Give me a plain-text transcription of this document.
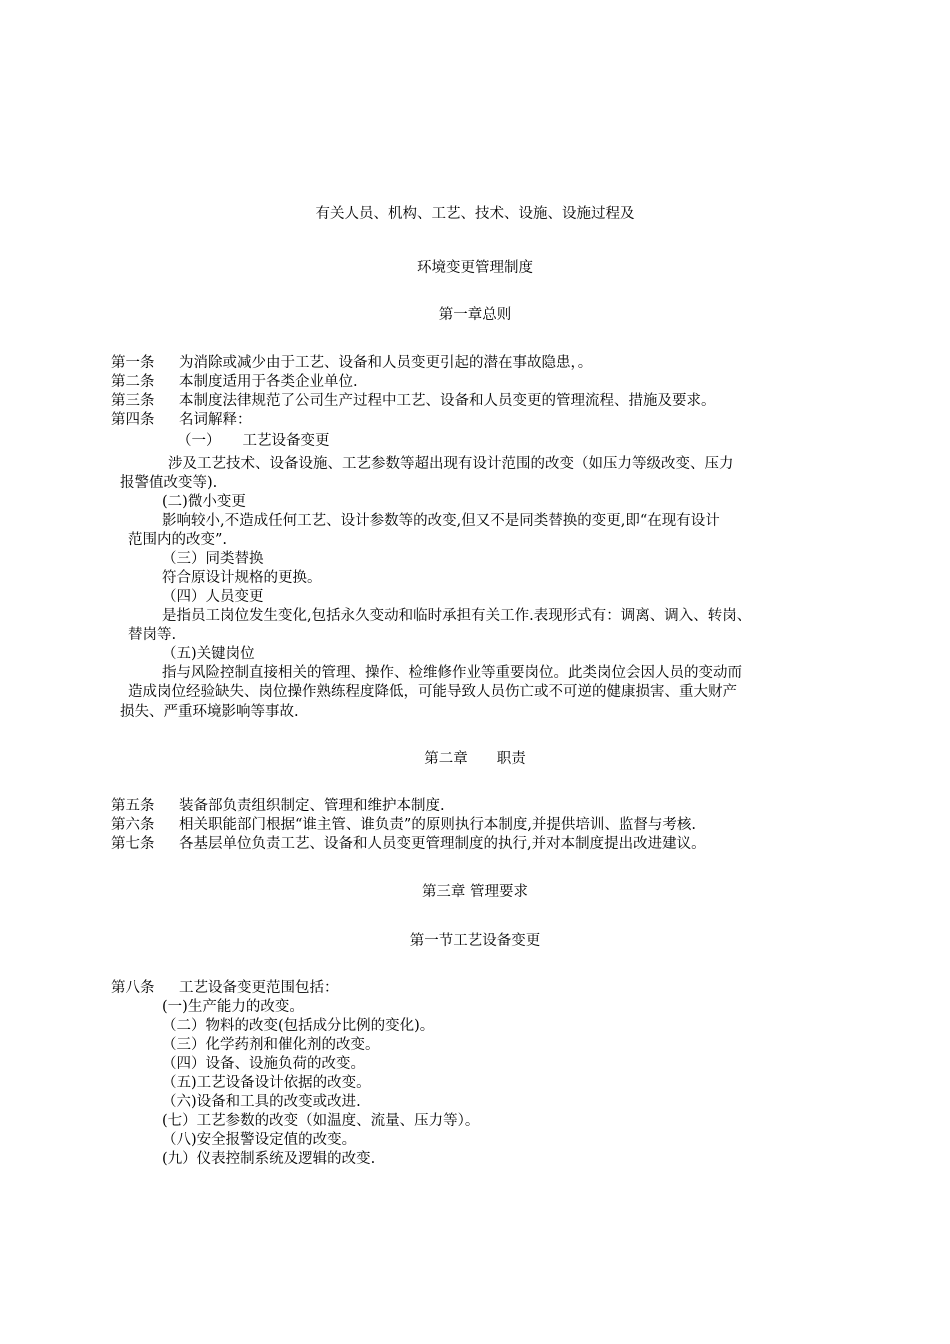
有关人员、机构、工艺、技术、设施、设施过程及
环境变更管理制度
第一章总则
第一条 为消除或减少由于工艺、设备和人员变更引起的潜在事故隐患，。
第二条 本制度适用于各类企业单位.
第三条 本制度法律规范了公司生产过程中工艺、设备和人员变更的管理流程、措施及要求。
第四条 名词解释：
（一） 工艺设备变更
涉及工艺技术、设备设施、工艺参数等超出现有设计范围的改变（如压力等级改变、压力
报警值改变等).
(二)微小变更
影响较小,不造成任何工艺、设计参数等的改变,但又不是同类替换的变更,即“在现有设计
范围内的改变”.
（三）同类替换
符合原设计规格的更换。
（四）人员变更
是指员工岗位发生变化,包括永久变动和临时承担有关工作.表现形式有：调离、调入、转岗、
替岗等.
（五)关键岗位
指与风险控制直接相关的管理、操作、检维修作业等重要岗位。此类岗位会因人员的变动而
造成岗位经验缺失、岗位操作熟练程度降低，可能导致人员伤亡或不可逆的健康损害、重大财产
损失、严重环境影响等事故.
第二章　　职责
第五条 装备部负责组织制定、管理和维护本制度.
第六条 相关职能部门根据“谁主管、谁负责”的原则执行本制度,并提供培训、监督与考核.
第七条 各基层单位负责工艺、设备和人员变更管理制度的执行,并对本制度提出改进建议。
第三章 管理要求
第一节工艺设备变更
第八条 工艺设备变更范围包括：
(一)生产能力的改变。
（二）物料的改变(包括成分比例的变化)。
（三）化学药剂和催化剂的改变。
（四）设备、设施负荷的改变。
（五)工艺设备设计依据的改变。
（六)设备和工具的改变或改进.
(七）工艺参数的改变（如温度、流量、压力等）。
（八)安全报警设定值的改变。
(九）仪表控制系统及逻辑的改变.
